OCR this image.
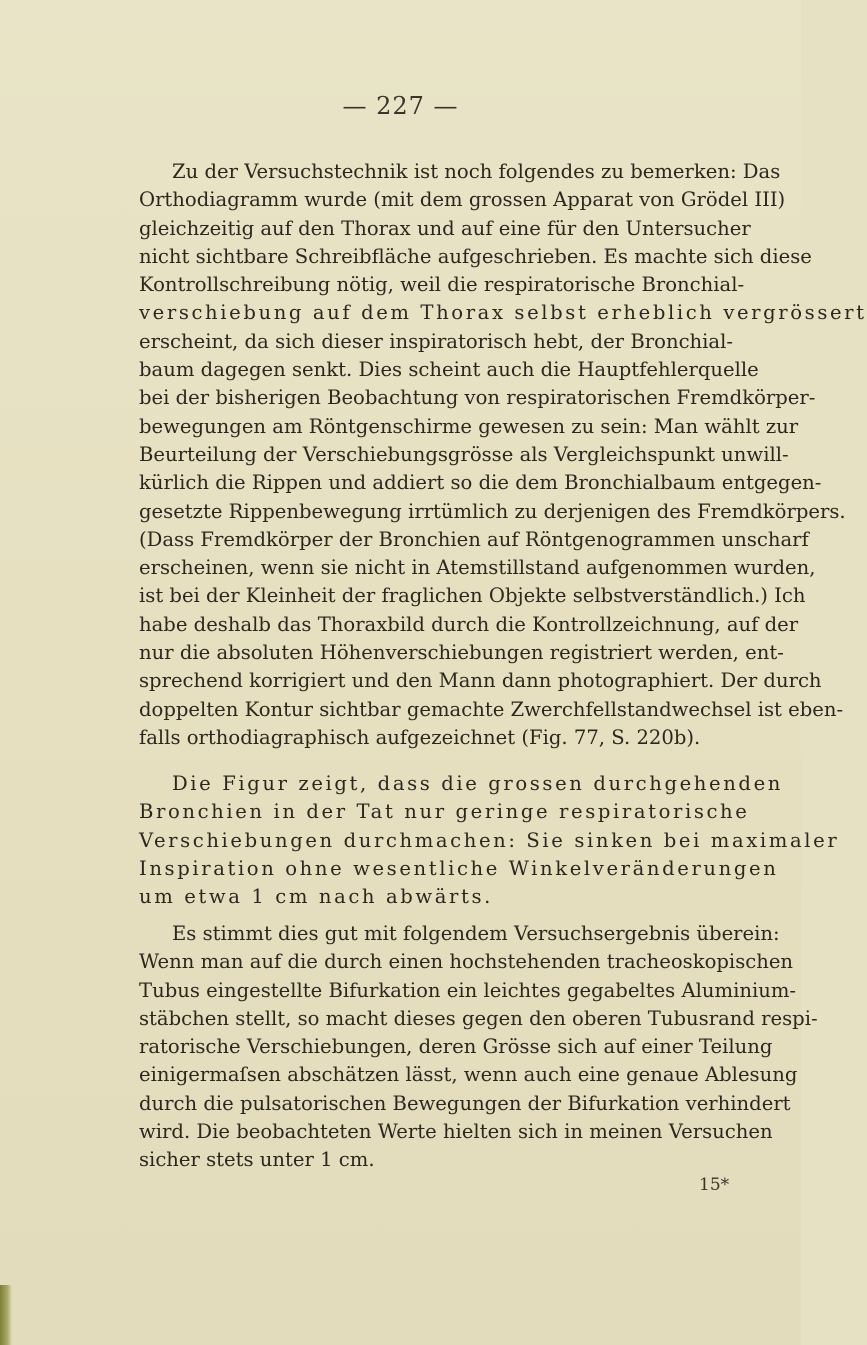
— 227 —
Zu der Versuchstechnik ist noch folgendes zu bemerken: Das
Orthodiagramm wurde (mit dem grossen Apparat von Grödel III)
gleichzeitig auf den Thorax und auf eine für den Untersucher
nicht sichtbare Schreibfläche aufgeschrieben. Es machte sich diese
Kontrollschreibung nötig, weil die respiratorische Bronchial-
verschiebung auf dem Thorax selbst erheblich vergrössert
erscheint, da sich dieser inspiratorisch hebt, der Bronchial-
baum dagegen senkt. Dies scheint auch die Hauptfehlerquelle
bei der bisherigen Beobachtung von respiratorischen Fremdkörper-
bewegungen am Röntgenschirme gewesen zu sein: Man wählt zur
Beurteilung der Verschiebungsgrösse als Vergleichspunkt unwill-
kürlich die Rippen und addiert so die dem Bronchialbaum entgegen-
gesetzte Rippenbewegung irrtümlich zu derjenigen des Fremdkörpers.
(Dass Fremdkörper der Bronchien auf Röntgenogrammen unscharf
erscheinen, wenn sie nicht in Atemstillstand aufgenommen wurden,
ist bei der Kleinheit der fraglichen Objekte selbstverständlich.) Ich
habe deshalb das Thoraxbild durch die Kontrollzeichnung, auf der
nur die absoluten Höhenverschiebungen registriert werden, ent-
sprechend korrigiert und den Mann dann photographiert. Der durch
doppelten Kontur sichtbar gemachte Zwerchfellstandwechsel ist eben-
falls orthodiagraphisch aufgezeichnet (Fig. 77, S. 220b).
Die Figur zeigt, dass die grossen durchgehenden
Bronchien in der Tat nur geringe respiratorische
Verschiebungen durchmachen: Sie sinken bei maximaler
Inspiration ohne wesentliche Winkelveränderungen
um etwa 1 cm nach abwärts.
Es stimmt dies gut mit folgendem Versuchsergebnis überein:
Wenn man auf die durch einen hochstehenden tracheoskopischen
Tubus eingestellte Bifurkation ein leichtes gegabeltes Aluminium-
stäbchen stellt, so macht dieses gegen den oberen Tubusrand respi-
ratorische Verschiebungen, deren Grösse sich auf einer Teilung
einigermaſsen abschätzen lässt, wenn auch eine genaue Ablesung
durch die pulsatorischen Bewegungen der Bifurkation verhindert
wird. Die beobachteten Werte hielten sich in meinen Versuchen
sicher stets unter 1 cm.
15*
